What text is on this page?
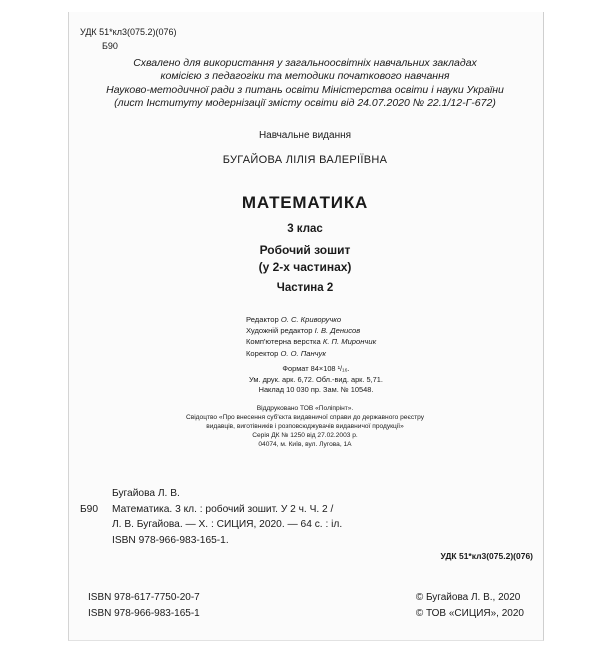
УДК 51*кл3(075.2)(076)
Б90
Схвалено для використання у загальноосвітніх навчальних закладах
комісією з педагогіки та методики початкового навчання
Науково-методичної ради з питань освіти Міністерства освіти і науки України
(лист Інституту модернізації змісту освіти від 24.07.2020 № 22.1/12-Г-672)
Навчальне видання
БУГАЙОВА ЛІЛІЯ ВАЛЕРІЇВНА
МАТЕМАТИКА
3 клас
Робочий зошит
(у 2-х частинах)
Частина 2
Редактор О. С. Криворучко
Художній редактор І. В. Денисов
Комп'ютерна верстка К. П. Мирончик
Коректор О. О. Панчук
Формат 84×108 ¹/₁₆.
Ум. друк. арк. 6,72. Обл.-вид. арк. 5,71.
Наклад 10 030 пр. Зам. № 10548.
Віддруковано ТОВ «Поліпрінт».
Свідоцтво «Про внесення суб'єкта видавничої справи до державного реєстру
видавців, виготівників і розповсюджувачів видавничої продукції»
Серія ДК № 1250 від 27.02.2003 р.
04074, м. Київ, вул. Лугова, 1А
Бугайова Л. В.
Б90 Математика. 3 кл. : робочий зошит. У 2 ч. Ч. 2 /
Л. В. Бугайова. — Х. : СИЦИЯ, 2020. — 64 с. : іл.
ISBN 978-966-983-165-1.
УДК 51*кл3(075.2)(076)
ISBN 978-617-7750-20-7
ISBN 978-966-983-165-1
© Бугайова Л. В., 2020
© ТОВ «СИЦИЯ», 2020
